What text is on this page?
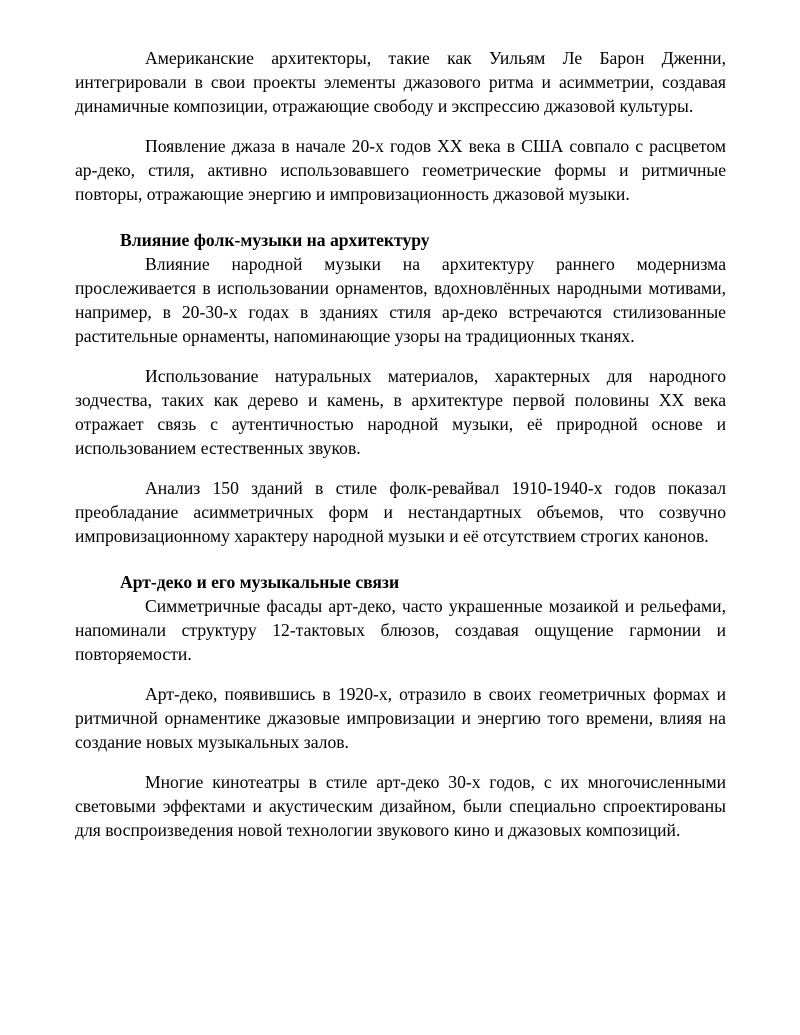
Американские архитекторы, такие как Уильям Ле Барон Дженни, интегрировали в свои проекты элементы джазового ритма и асимметрии, создавая динамичные композиции, отражающие свободу и экспрессию джазовой культуры.

Появление джаза в начале 20-х годов XX века в США совпало с расцветом ар-деко, стиля, активно использовавшего геометрические формы и ритмичные повторы, отражающие энергию и импровизационность джазовой музыки.

Влияние фолк-музыки на архитектуру

Влияние народной музыки на архитектуру раннего модернизма прослеживается в использовании орнаментов, вдохновлённых народными мотивами, например, в 20-30-х годах в зданиях стиля ар-деко встречаются стилизованные растительные орнаменты, напоминающие узоры на традиционных тканях.

Использование натуральных материалов, характерных для народного зодчества, таких как дерево и камень, в архитектуре первой половины XX века отражает связь с аутентичностью народной музыки, её природной основе и использованием естественных звуков.

Анализ 150 зданий в стиле фолк-ревайвал 1910-1940-х годов показал преобладание асимметричных форм и нестандартных объемов, что созвучно импровизационному характеру народной музыки и её отсутствием строгих канонов.

Арт-деко и его музыкальные связи

Симметричные фасады арт-деко, часто украшенные мозаикой и рельефами, напоминали структуру 12-тактовых блюзов, создавая ощущение гармонии и повторяемости.

Арт-деко, появившись в 1920-х, отразило в своих геометричных формах и ритмичной орнаментике джазовые импровизации и энергию того времени, влияя на создание новых музыкальных залов.

Многие кинотеатры в стиле арт-деко 30-х годов, с их многочисленными световыми эффектами и акустическим дизайном, были специально спроектированы для воспроизведения новой технологии звукового кино и джазовых композиций.
